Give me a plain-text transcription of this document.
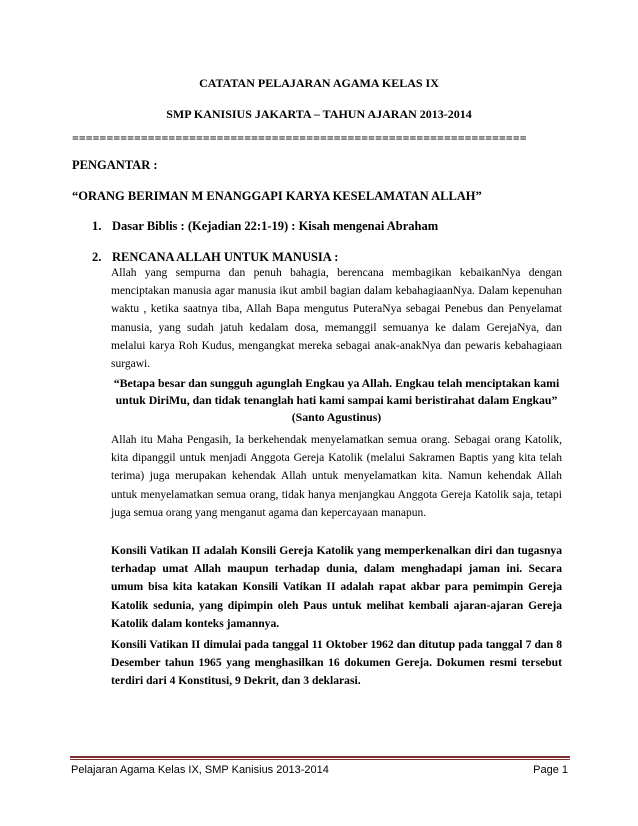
CATATAN PELAJARAN AGAMA KELAS IX
SMP KANISIUS JAKARTA – TAHUN AJARAN 2013-2014
==================================================================
PENGANTAR :
“ORANG BERIMAN M ENANGGAPI KARYA KESELAMATAN ALLAH”
1. Dasar Biblis : (Kejadian 22:1-19) : Kisah mengenai Abraham
2. RENCANA ALLAH UNTUK MANUSIA :
Allah yang sempurna dan penuh bahagia, berencana membagikan kebaikanNya dengan menciptakan manusia agar manusia ikut ambil bagian dalam kebahagiaanNya. Dalam kepenuhan waktu , ketika saatnya tiba, Allah Bapa mengutus PuteraNya sebagai Penebus dan Penyelamat manusia, yang sudah jatuh kedalam dosa, memanggil semuanya ke dalam GerejaNya, dan melalui karya Roh Kudus, mengangkat mereka sebagai anak-anakNya dan pewaris kebahagiaan surgawi.
“Betapa besar dan sungguh agunglah Engkau ya Allah. Engkau telah menciptakan kami untuk DiriMu, dan tidak tenanglah hati kami sampai kami beristirahat dalam Engkau” (Santo Agustinus)
Allah itu Maha Pengasih, Ia berkehendak menyelamatkan semua orang. Sebagai orang Katolik, kita dipanggil untuk menjadi Anggota Gereja Katolik (melalui Sakramen Baptis yang kita telah terima) juga merupakan kehendak Allah untuk menyelamatkan kita. Namun kehendak Allah untuk menyelamatkan semua orang, tidak hanya menjangkau Anggota Gereja Katolik saja, tetapi juga semua orang yang menganut agama dan kepercayaan manapun.
Konsili Vatikan II adalah Konsili Gereja Katolik yang memperkenalkan diri dan tugasnya terhadap umat Allah maupun terhadap dunia, dalam menghadapi jaman ini. Secara umum bisa kita katakan Konsili Vatikan II adalah rapat akbar para pemimpin Gereja Katolik sedunia, yang dipimpin oleh Paus untuk melihat kembali ajaran-ajaran Gereja Katolik dalam konteks jamannya.
Konsili Vatikan II dimulai pada tanggal 11 Oktober 1962 dan ditutup pada tanggal 7 dan 8 Desember tahun 1965 yang menghasilkan 16 dokumen Gereja. Dokumen resmi tersebut terdiri dari 4 Konstitusi, 9 Dekrit, dan 3 deklarasi.
Pelajaran Agama Kelas IX, SMP Kanisius 2013-2014	Page 1
